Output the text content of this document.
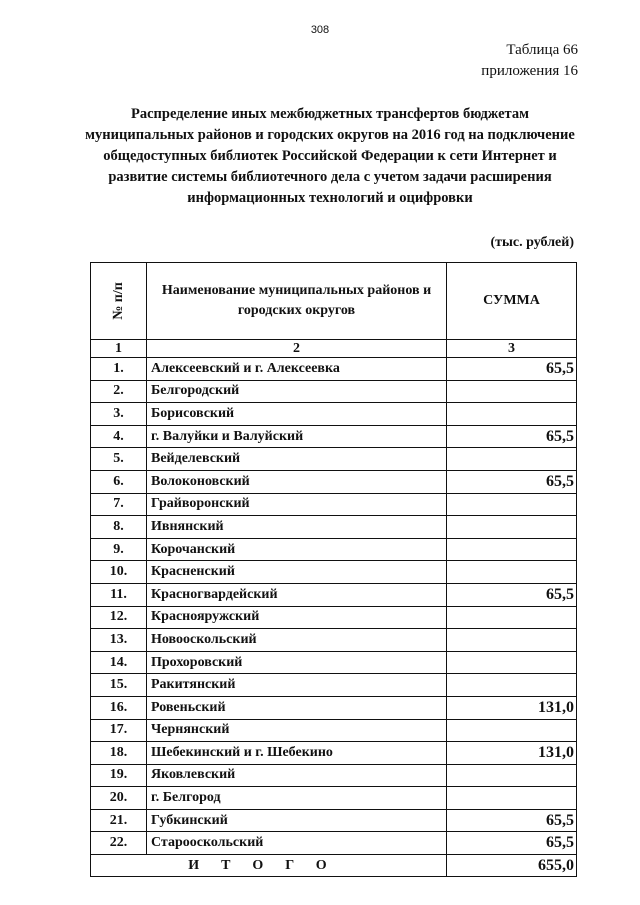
308
Таблица 66
приложения 16
Распределение иных межбюджетных трансфертов бюджетам муниципальных районов и городских округов на 2016 год на подключение общедоступных библиотек Российской Федерации к сети Интернет и развитие системы библиотечного дела с учетом задачи расширения информационных технологий и оцифровки
(тыс. рублей)
№ п/п	Наименование муниципальных районов и городских округов	СУММА
1	2	3
1.	Алексеевский и г. Алексеевка	65,5
2.	Белгородский	
3.	Борисовский	
4.	г. Валуйки и Валуйский	65,5
5.	Вейделевский	
6.	Волоконовский	65,5
7.	Грайворонский	
8.	Ивнянский	
9.	Корочанский	
10.	Красненский	
11.	Красногвардейский	65,5
12.	Краснояружский	
13.	Новооскольский	
14.	Прохоровский	
15.	Ракитянский	
16.	Ровеньский	131,0
17.	Чернянский	
18.	Шебекинский и г. Шебекино	131,0
19.	Яковлевский	
20.	г. Белгород	
21.	Губкинский	65,5
22.	Старооскольский	65,5
ИТОГО		655,0
